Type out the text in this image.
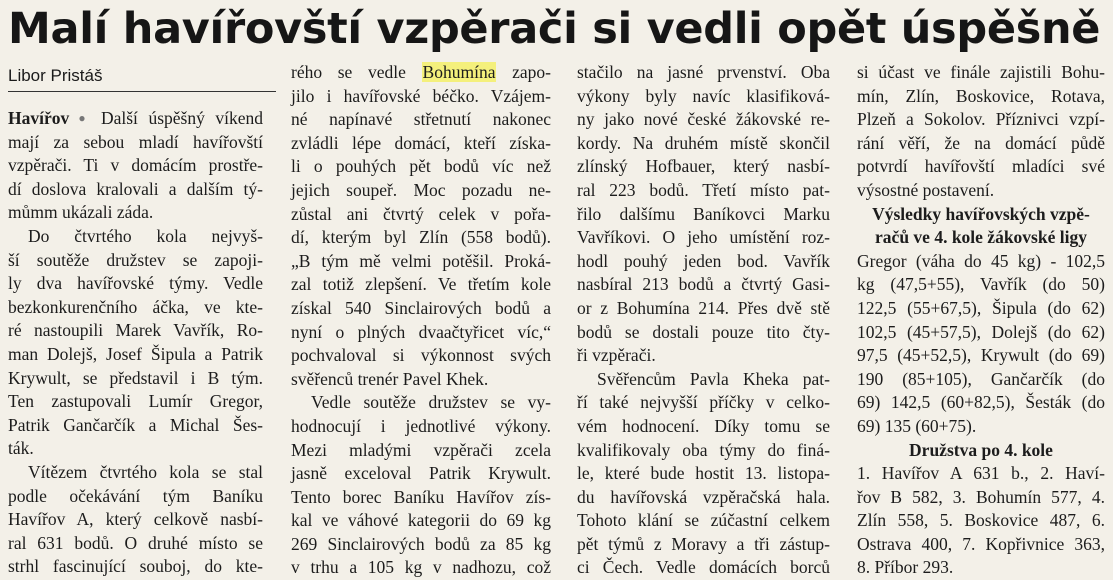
Malí havířovští vzpěrači si vedli opět úspěšně
Libor Pristáš
Havířov ● Další úspěšný víkend
mají za sebou mladí havířovští
vzpěrači. Ti v domácím prostře-
dí doslova kralovali a dalším tý-
můmm ukázali záda.
Do čtvrtého kola nejvyš-
ší soutěže družstev se zapoji-
ly dva havířovské týmy. Vedle
bezkonkurenčního áčka, ve kte-
ré nastoupili Marek Vavřík, Ro-
man Dolejš, Josef Šipula a Patrik
Krywult, se představil i B tým.
Ten zastupovali Lumír Gregor,
Patrik Gančarčík a Michal Šes-
ták.
Vítězem čtvrtého kola se stal
podle očekávání tým Baníku
Havířov A, který celkově nasbí-
ral 631 bodů. O druhé místo se
strhl fascinující souboj, do kte-
rého se vedle Bohumína zapo-
jilo i havířovské béčko. Vzájem-
né napínavé střetnutí nakonec
zvládli lépe domácí, kteří získa-
li o pouhých pět bodů víc než
jejich soupeř. Moc pozadu ne-
zůstal ani čtvrtý celek v pořa-
dí, kterým byl Zlín (558 bodů).
„B tým mě velmi potěšil. Proká-
zal totiž zlepšení. Ve třetím kole
získal 540 Sinclairových bodů a
nyní o plných dvaačtyřicet víc,“
pochvaloval si výkonnost svých
svěřenců trenér Pavel Khek.
Vedle soutěže družstev se vy-
hodnocují i jednotlivé výkony.
Mezi mladými vzpěrači zcela
jasně exceloval Patrik Krywult.
Tento borec Baníku Havířov zís-
kal ve váhové kategorii do 69 kg
269 Sinclairových bodů za 85 kg
v trhu a 105 kg v nadhozu, což
stačilo na jasné prvenství. Oba
výkony byly navíc klasifiková-
ny jako nové české žákovské re-
kordy. Na druhém místě skončil
zlínský Hofbauer, který nasbí-
ral 223 bodů. Třetí místo pat-
řilo dalšímu Baníkovci Marku
Vavříkovi. O jeho umístění roz-
hodl pouhý jeden bod. Vavřík
nasbíral 213 bodů a čtvrtý Gasi-
or z Bohumína 214. Přes dvě stě
bodů se dostali pouze tito čty-
ři vzpěrači.
Svěřencům Pavla Kheka pat-
ří také nejvyšší příčky v celko-
vém hodnocení. Díky tomu se
kvalifikovaly oba týmy do finá-
le, které bude hostit 13. listopa-
du havířovská vzpěračská hala.
Tohoto klání se zúčastní celkem
pět týmů z Moravy a tři zástup-
ci Čech. Vedle domácích borců
si účast ve finále zajistili Bohu-
mín, Zlín, Boskovice, Rotava,
Plzeň a Sokolov. Příznivci vzpí-
rání věří, že na domácí půdě
potvrdí havířovští mladíci své
výsostné postavení.
Výsledky havířovských vzpě-
račů ve 4. kole žákovské ligy
Gregor (váha do 45 kg) - 102,5
kg (47,5+55), Vavřík (do 50)
122,5 (55+67,5), Šipula (do 62)
102,5 (45+57,5), Dolejš (do 62)
97,5 (45+52,5), Krywult (do 69)
190 (85+105), Gančarčík (do
69) 142,5 (60+82,5), Šesták (do
69) 135 (60+75).
Družstva po 4. kole
1. Havířov A 631 b., 2. Haví-
řov B 582, 3. Bohumín 577, 4.
Zlín 558, 5. Boskovice 487, 6.
Ostrava 400, 7. Kopřivnice 363,
8. Příbor 293.
